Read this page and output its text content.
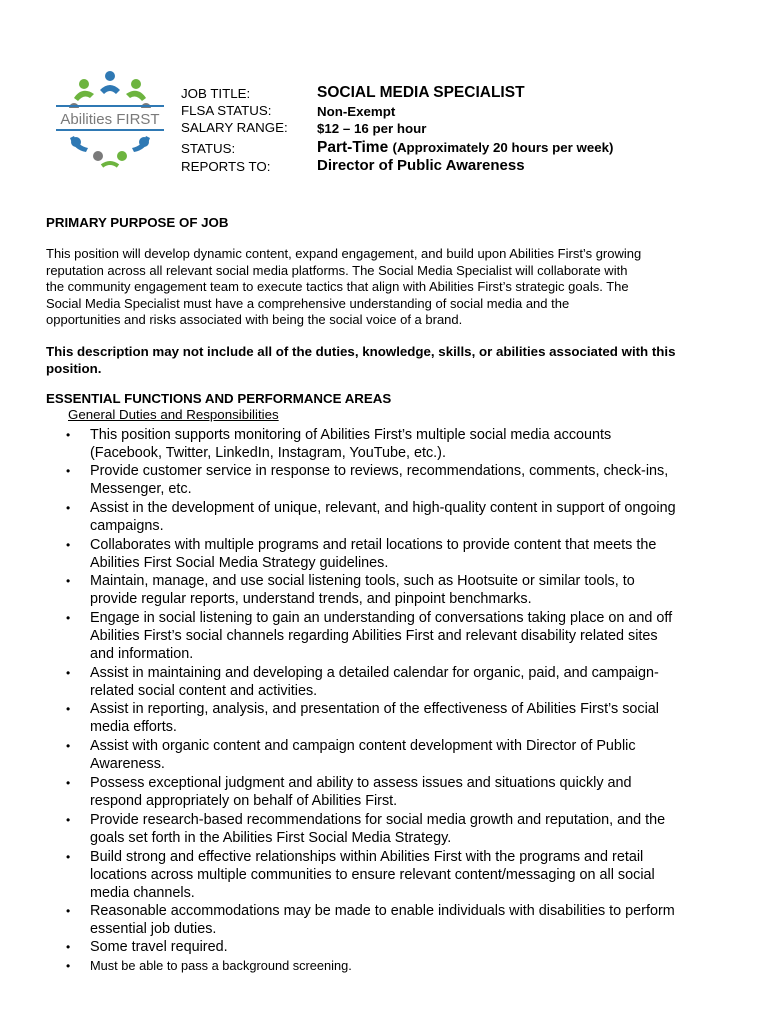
Abilities FIRST
JOB TITLE:	SOCIAL MEDIA SPECIALIST
FLSA STATUS:	Non-Exempt
SALARY RANGE: $12 – 16 per hour
STATUS:	Part-Time (Approximately 20 hours per week)
REPORTS TO:	Director of Public Awareness
PRIMARY PURPOSE OF JOB
This position will develop dynamic content, expand engagement, and build upon Abilities First’s growing
reputation across all relevant social media platforms. The Social Media Specialist will collaborate with
the community engagement team to execute tactics that align with Abilities First’s strategic goals. The
Social Media Specialist must have a comprehensive understanding of social media and the
opportunities and risks associated with being the social voice of a brand.
This description may not include all of the duties, knowledge, skills, or abilities associated with this
position.
ESSENTIAL FUNCTIONS AND PERFORMANCE AREAS
General Duties and Responsibilities
• This position supports monitoring of Abilities First’s multiple social media accounts
(Facebook, Twitter, LinkedIn, Instagram, YouTube, etc.).
• Provide customer service in response to reviews, recommendations, comments, check-ins,
Messenger, etc.
• Assist in the development of unique, relevant, and high-quality content in support of ongoing
campaigns.
• Collaborates with multiple programs and retail locations to provide content that meets the
Abilities First Social Media Strategy guidelines.
• Maintain, manage, and use social listening tools, such as Hootsuite or similar tools, to
provide regular reports, understand trends, and pinpoint benchmarks.
• Engage in social listening to gain an understanding of conversations taking place on and off
Abilities First’s social channels regarding Abilities First and relevant disability related sites
and information.
• Assist in maintaining and developing a detailed calendar for organic, paid, and campaign-
related social content and activities.
• Assist in reporting, analysis, and presentation of the effectiveness of Abilities First’s social
media efforts.
• Assist with organic content and campaign content development with Director of Public
Awareness.
• Possess exceptional judgment and ability to assess issues and situations quickly and
respond appropriately on behalf of Abilities First.
• Provide research-based recommendations for social media growth and reputation, and the
goals set forth in the Abilities First Social Media Strategy.
• Build strong and effective relationships within Abilities First with the programs and retail
locations across multiple communities to ensure relevant content/messaging on all social
media channels.
• Reasonable accommodations may be made to enable individuals with disabilities to perform
essential job duties.
• Some travel required.
• Must be able to pass a background screening.
